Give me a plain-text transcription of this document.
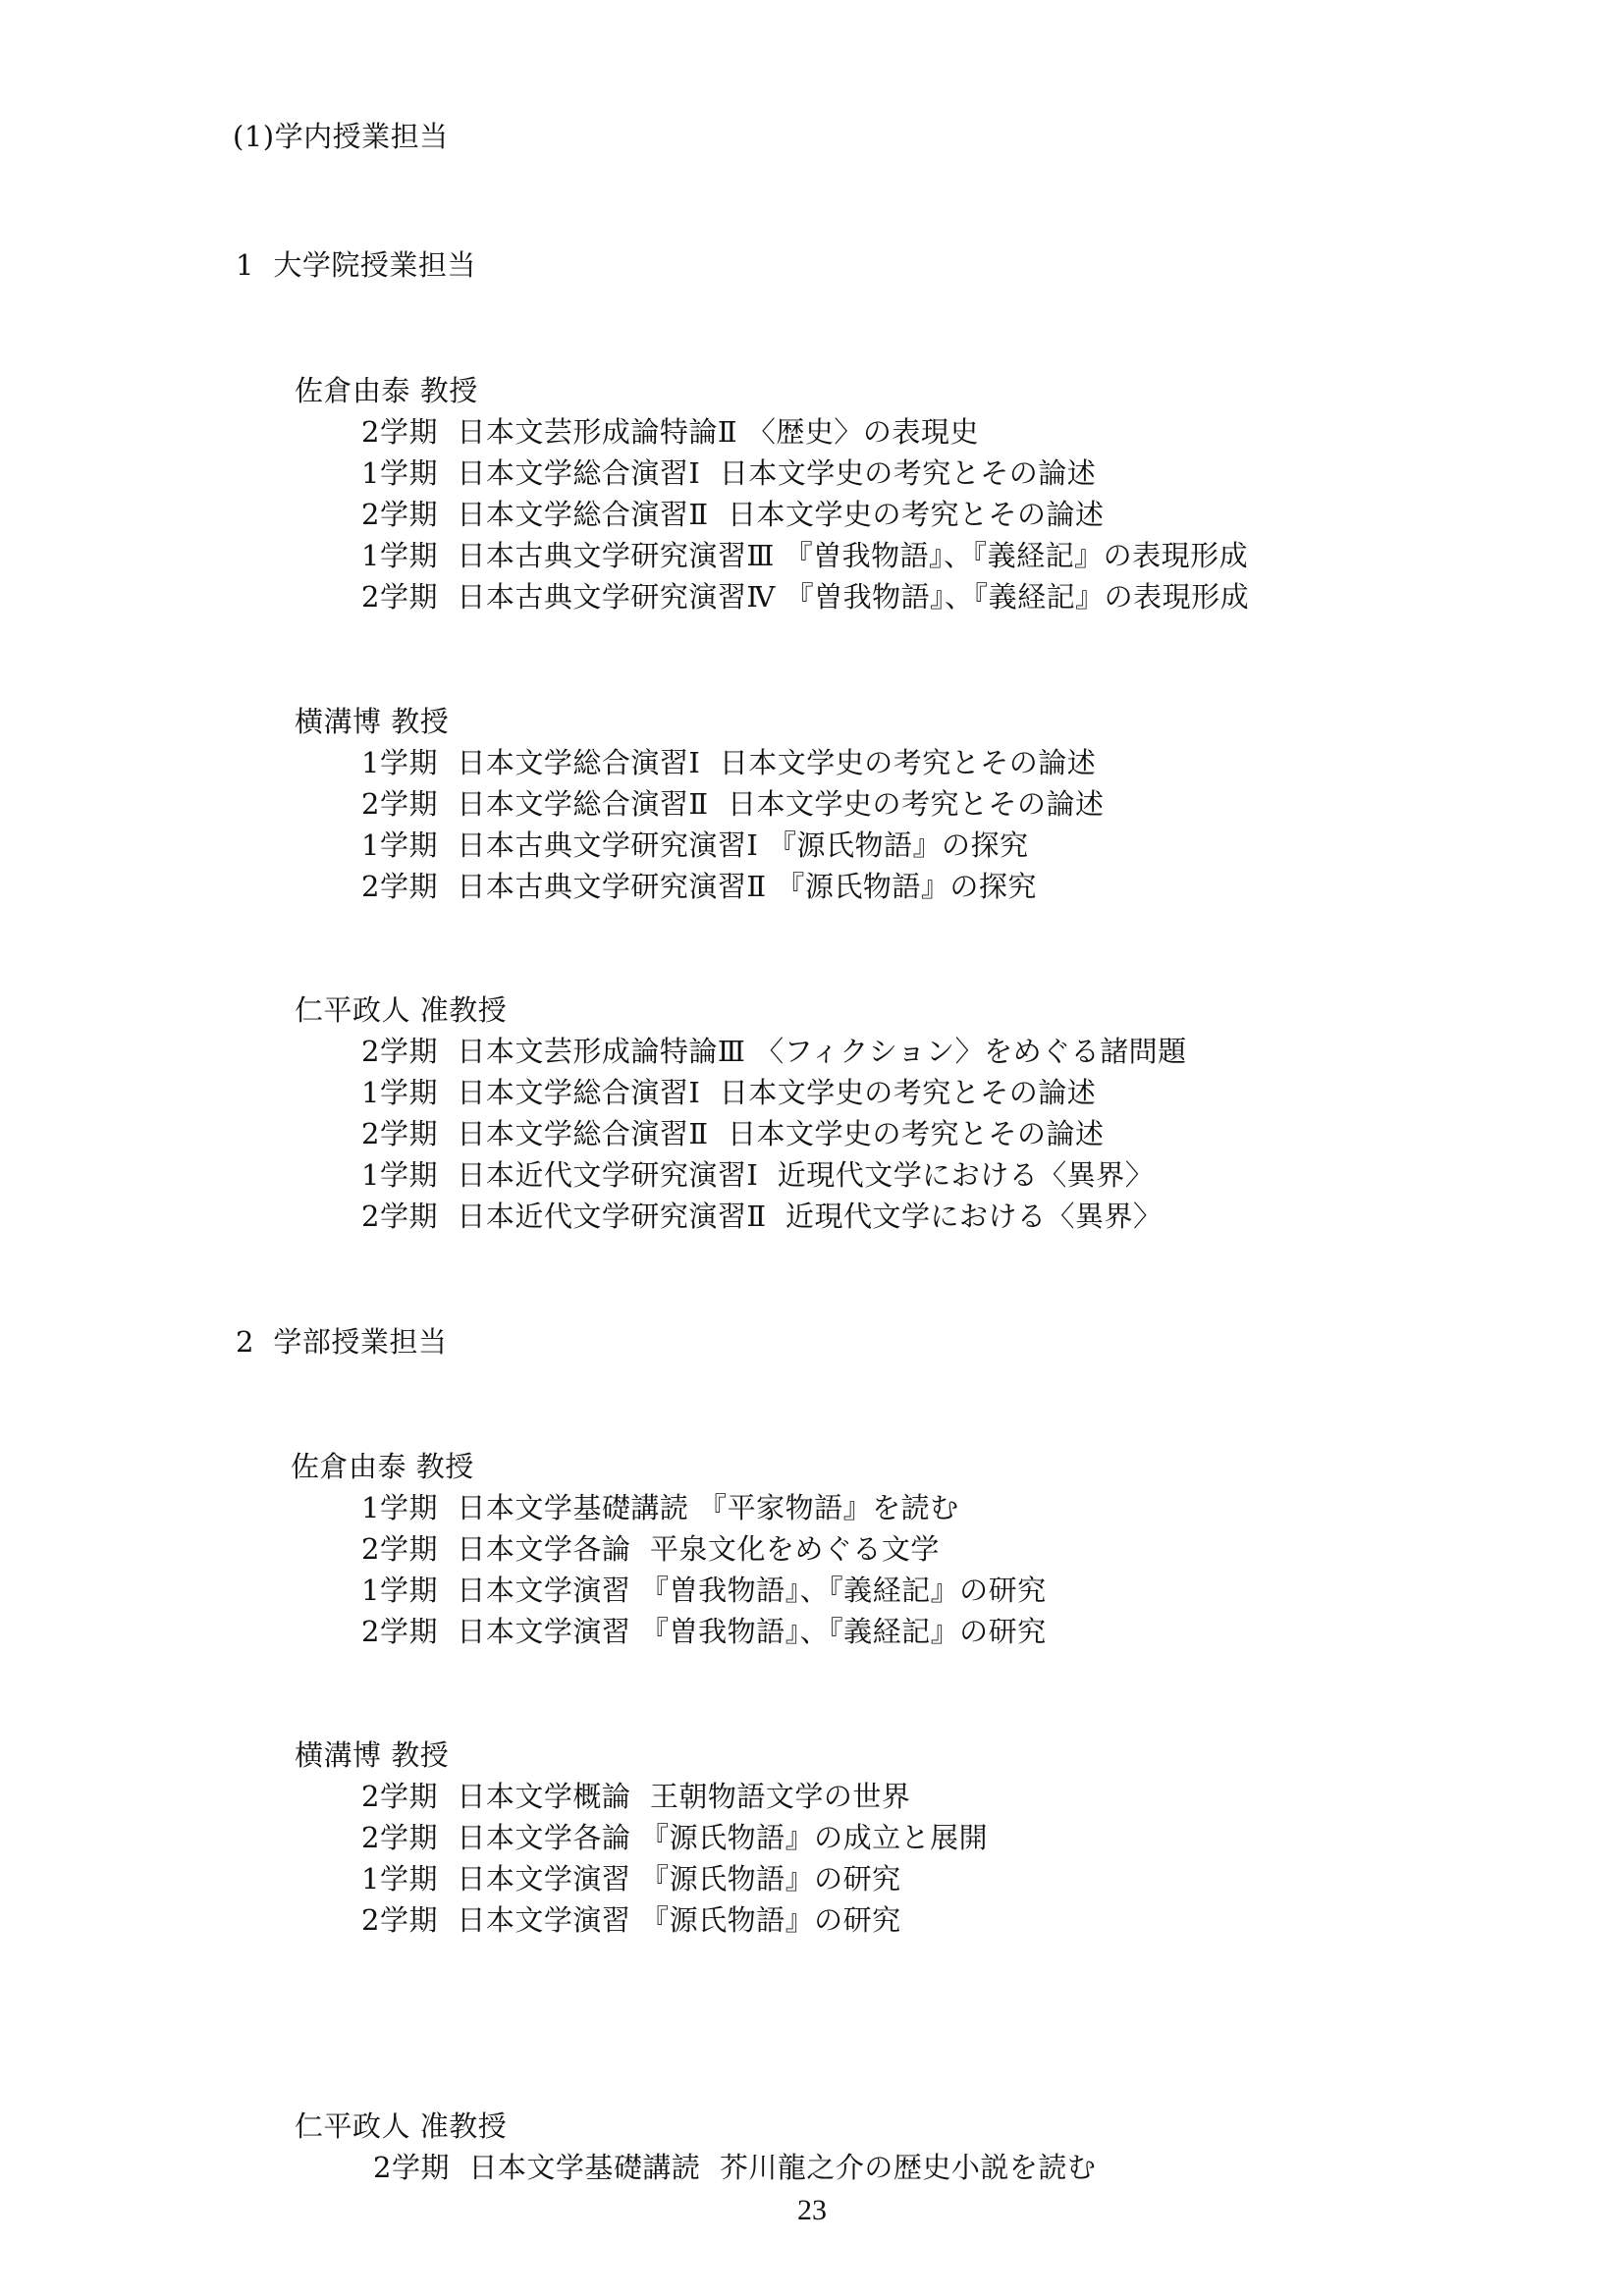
(1)学内授業担当
1  大学院授業担当
佐倉由泰 教授
2学期  日本文芸形成論特論Ⅱ 〈歴史〉の表現史
1学期  日本文学総合演習Ⅰ  日本文学史の考究とその論述
2学期  日本文学総合演習Ⅱ  日本文学史の考究とその論述
1学期  日本古典文学研究演習Ⅲ 『曽我物語』、『義経記』の表現形成
2学期  日本古典文学研究演習Ⅳ 『曽我物語』、『義経記』の表現形成
横溝博 教授
1学期  日本文学総合演習Ⅰ  日本文学史の考究とその論述
2学期  日本文学総合演習Ⅱ  日本文学史の考究とその論述
1学期  日本古典文学研究演習Ⅰ 『源氏物語』の探究
2学期  日本古典文学研究演習Ⅱ 『源氏物語』の探究
仁平政人 准教授
2学期  日本文芸形成論特論Ⅲ 〈フィクション〉をめぐる諸問題
1学期  日本文学総合演習Ⅰ  日本文学史の考究とその論述
2学期  日本文学総合演習Ⅱ  日本文学史の考究とその論述
1学期  日本近代文学研究演習Ⅰ  近現代文学における〈異界〉
2学期  日本近代文学研究演習Ⅱ  近現代文学における〈異界〉
2  学部授業担当
佐倉由泰 教授
1学期  日本文学基礎講読 『平家物語』を読む
2学期  日本文学各論  平泉文化をめぐる文学
1学期  日本文学演習 『曽我物語』、『義経記』の研究
2学期  日本文学演習 『曽我物語』、『義経記』の研究
横溝博 教授
2学期  日本文学概論  王朝物語文学の世界
2学期  日本文学各論 『源氏物語』の成立と展開
1学期  日本文学演習 『源氏物語』の研究
2学期  日本文学演習 『源氏物語』の研究
仁平政人 准教授
2学期  日本文学基礎講読  芥川龍之介の歴史小説を読む
23
